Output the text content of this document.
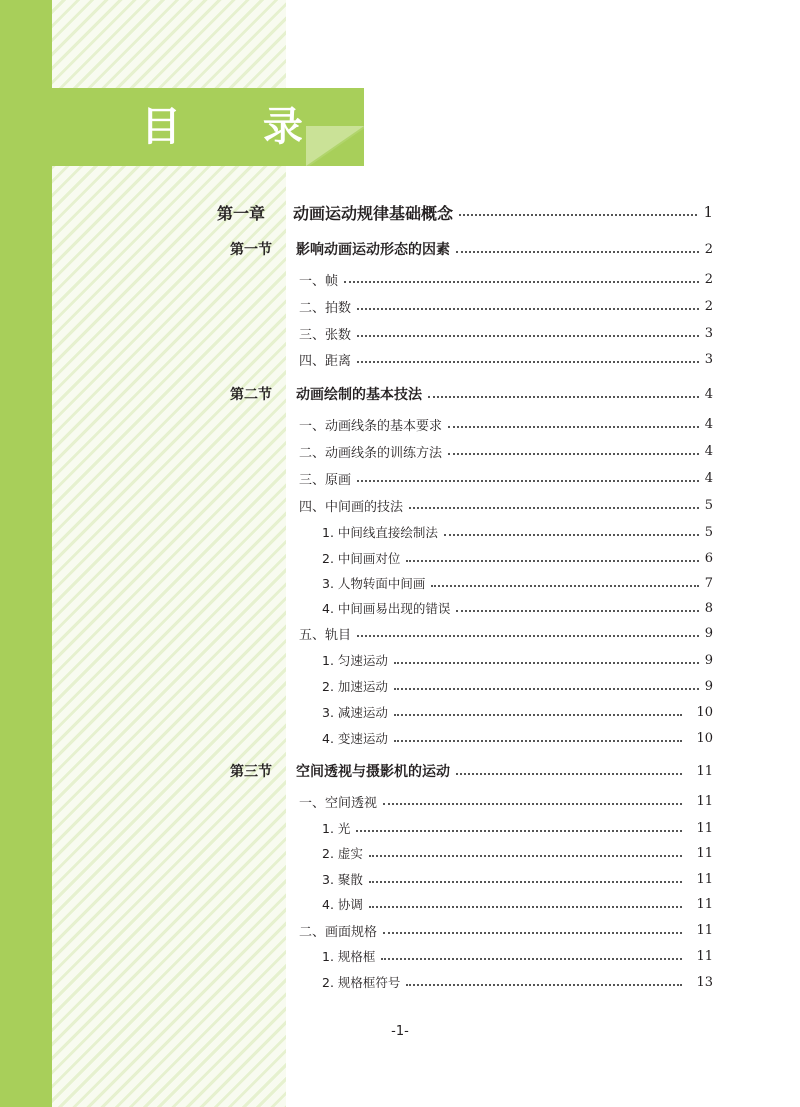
目 录
第一章	动画运动规律基础概念	1
第一节	影响动画运动形态的因素	2
一、帧	2
二、拍数	2
三、张数	3
四、距离	3
第二节	动画绘制的基本技法	4
一、动画线条的基本要求	4
二、动画线条的训练方法	4
三、原画	4
四、中间画的技法	5
1. 中间线直接绘制法	5
2. 中间画对位	6
3. 人物转面中间画	7
4. 中间画易出现的错误	8
五、轨目	9
1. 匀速运动	9
2. 加速运动	9
3. 减速运动	10
4. 变速运动	10
第三节	空间透视与摄影机的运动	11
一、空间透视	11
1. 光	11
2. 虚实	11
3. 聚散	11
4. 协调	11
二、画面规格	11
1. 规格框	11
2. 规格框符号	13
-1-
